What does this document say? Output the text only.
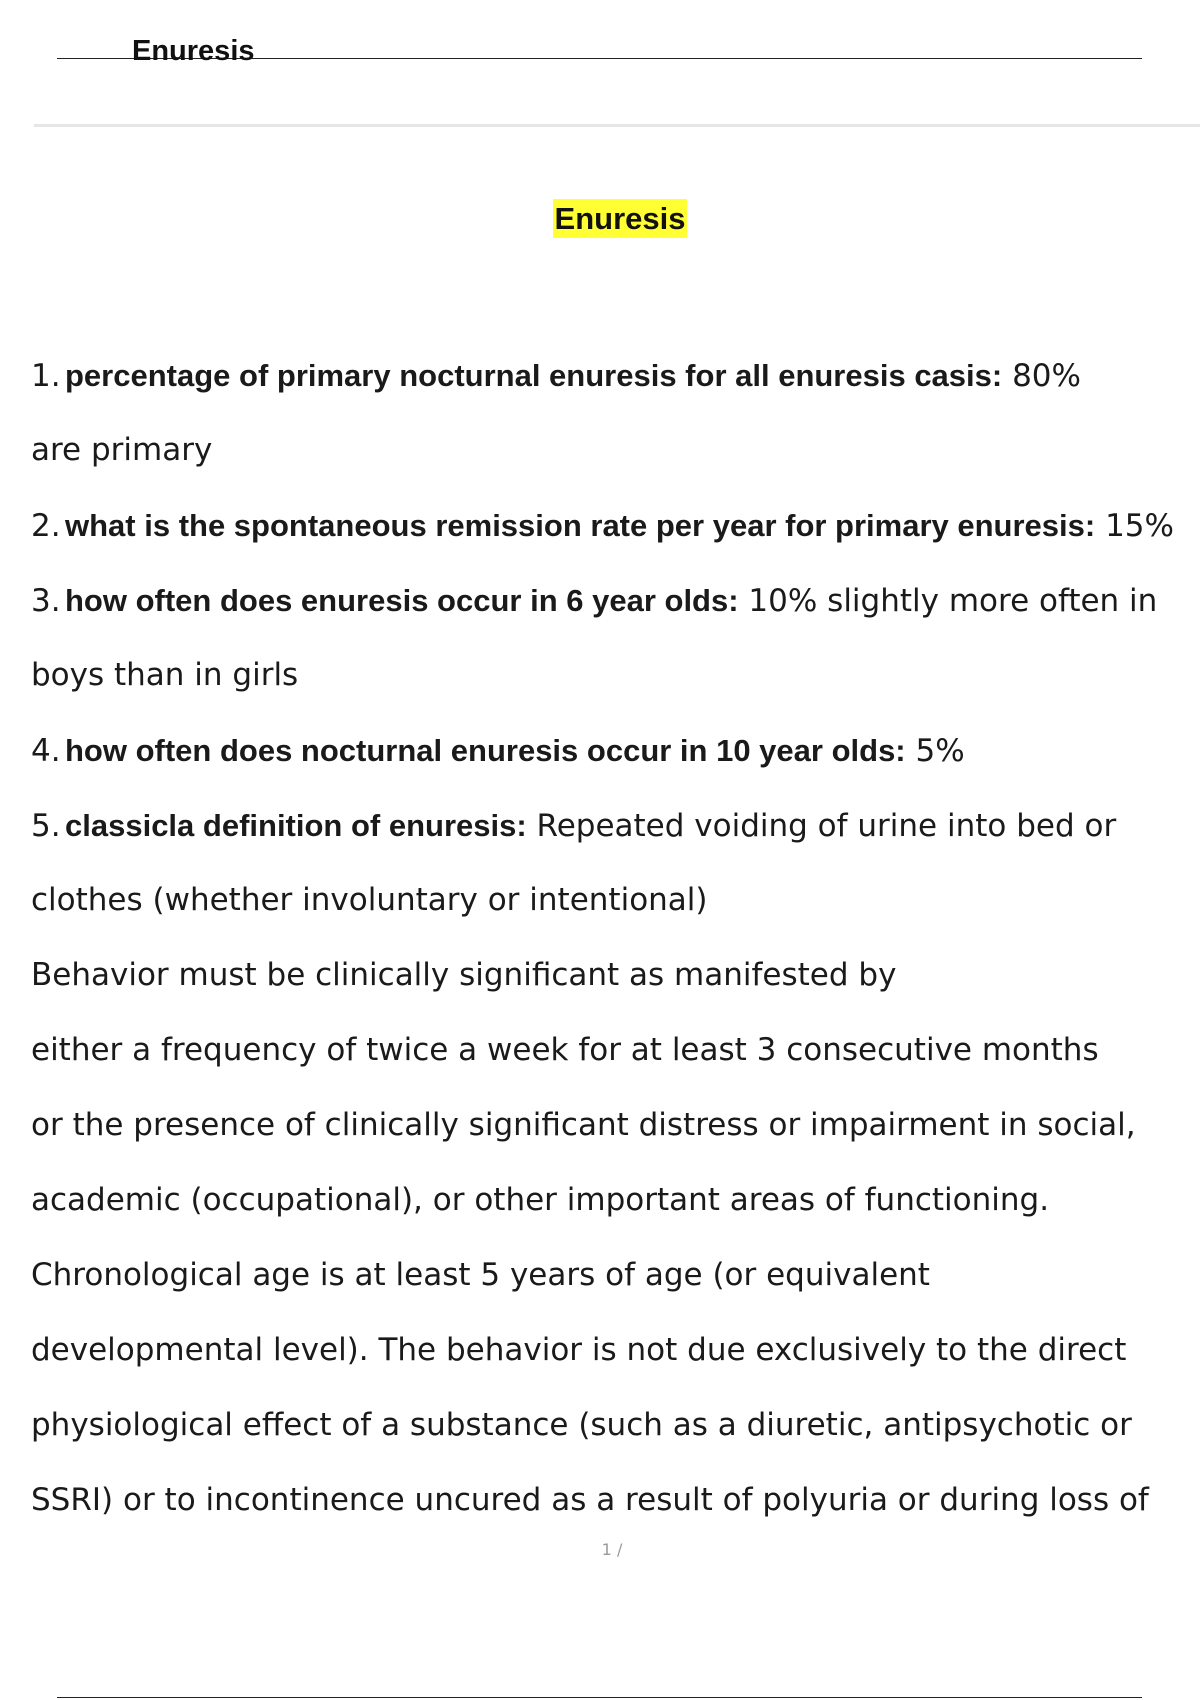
Enuresis
Enuresis
1. percentage of primary nocturnal enuresis for all enuresis casis: 80%
are primary
2. what is the spontaneous remission rate per year for primary enuresis: 15%
3. how often does enuresis occur in 6 year olds: 10% slightly more often in
boys than in girls
4. how often does nocturnal enuresis occur in 10 year olds: 5%
5. classicla definition of enuresis: Repeated voiding of urine into bed or
clothes (whether involuntary or intentional)
Behavior must be clinically significant as manifested by
either a frequency of twice a week for at least 3 consecutive months
or the presence of clinically significant distress or impairment in social,
academic (occupational), or other important areas of functioning.
Chronological age is at least 5 years of age (or equivalent
developmental level). The behavior is not due exclusively to the direct
physiological effect of a substance (such as a diuretic, antipsychotic or
SSRI) or to incontinence uncured as a result of polyuria or during loss of
1 /
